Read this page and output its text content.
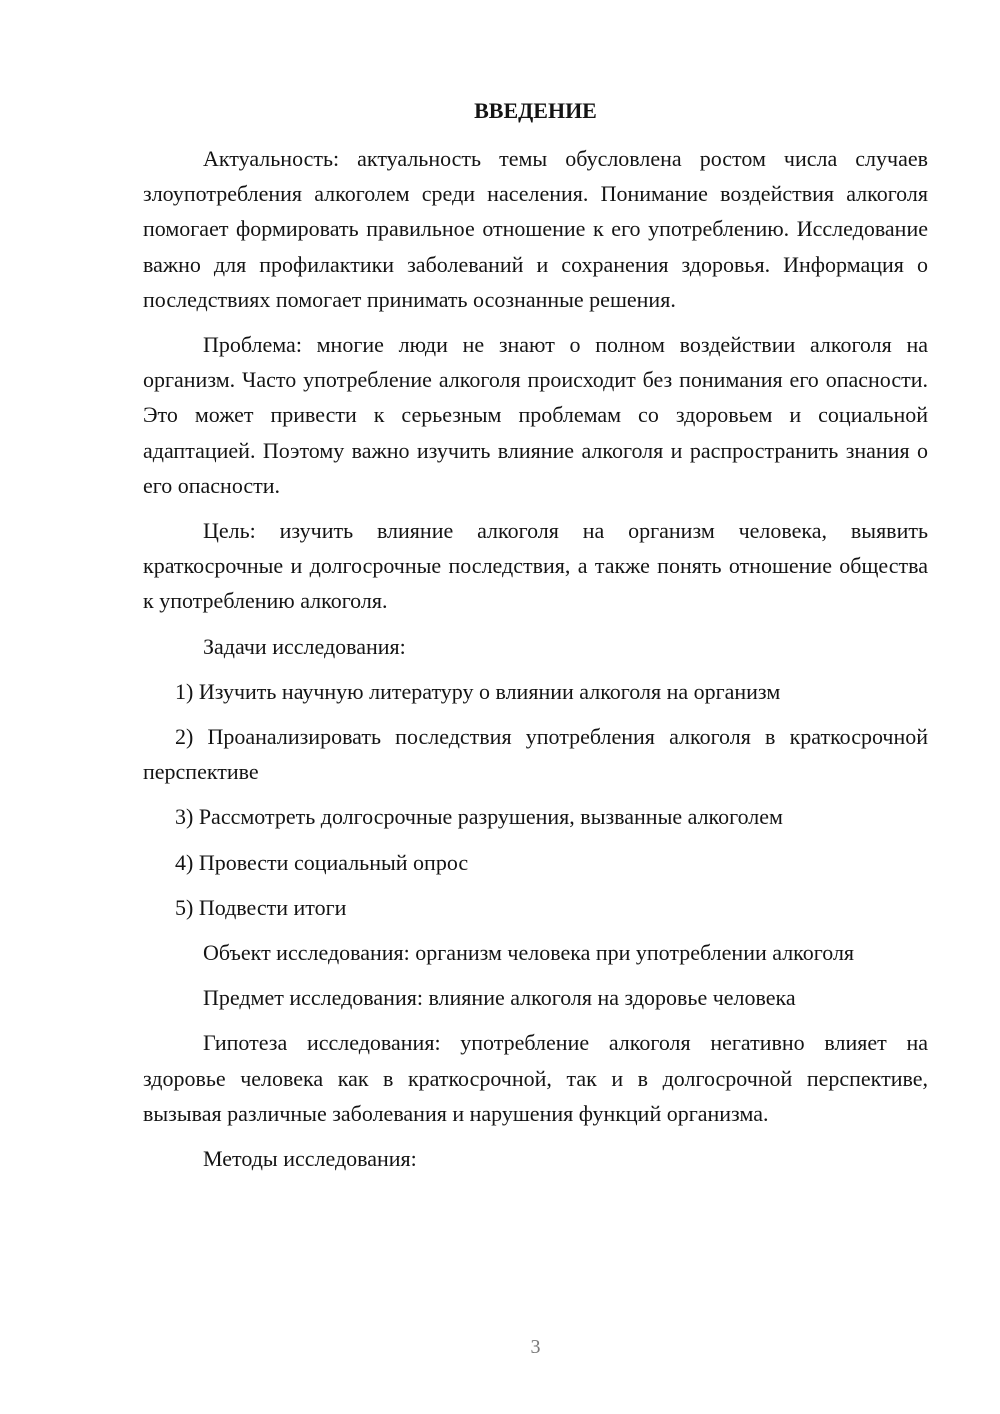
ВВЕДЕНИЕ

Актуальность: актуальность темы обусловлена ростом числа случаев злоупотребления алкоголем среди населения. Понимание воздействия алкоголя помогает формировать правильное отношение к его употреблению. Исследование важно для профилактики заболеваний и сохранения здоровья. Информация о последствиях помогает принимать осознанные решения.

Проблема: многие люди не знают о полном воздействии алкоголя на организм. Часто употребление алкоголя происходит без понимания его опасности. Это может привести к серьезным проблемам со здоровьем и социальной адаптацией. Поэтому важно изучить влияние алкоголя и распространить знания о его опасности.

Цель: изучить влияние алкоголя на организм человека, выявить краткосрочные и долгосрочные последствия, а также понять отношение общества к употреблению алкоголя.

Задачи исследования:

1) Изучить научную литературу о влиянии алкоголя на организм

2) Проанализировать последствия употребления алкоголя в краткосрочной перспективе

3) Рассмотреть долгосрочные разрушения, вызванные алкоголем

4) Провести социальный опрос

5) Подвести итоги

Объект исследования: организм человека при употреблении алкоголя

Предмет исследования: влияние алкоголя на здоровье человека

Гипотеза исследования: употребление алкоголя негативно влияет на здоровье человека как в краткосрочной, так и в долгосрочной перспективе, вызывая различные заболевания и нарушения функций организма.

Методы исследования:

3
